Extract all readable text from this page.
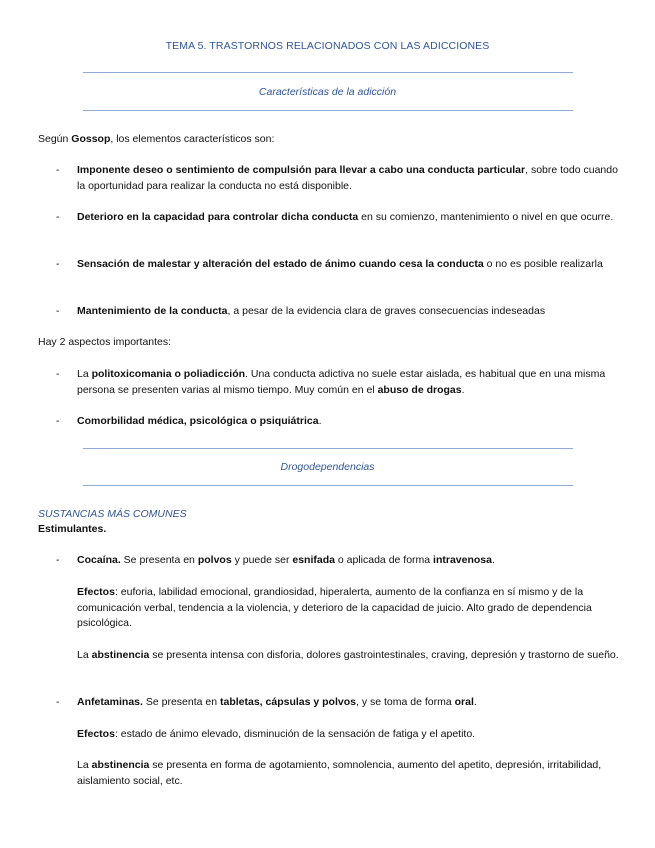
TEMA 5. TRASTORNOS RELACIONADOS CON LAS ADICCIONES
Características de la adicción
Según Gossop, los elementos característicos son:
-	Imponente deseo o sentimiento de compulsión para llevar a cabo una conducta particular, sobre todo cuando la oportunidad para realizar la conducta no está disponible.
-	Deterioro en la capacidad para controlar dicha conducta en su comienzo, mantenimiento o nivel en que ocurre.
-	Sensación de malestar y alteración del estado de ánimo cuando cesa la conducta o no es posible realizarla
-	Mantenimiento de la conducta, a pesar de la evidencia clara de graves consecuencias indeseadas
Hay 2 aspectos importantes:
-	La politoxicomania o poliadicción. Una conducta adictiva no suele estar aislada, es habitual que en una misma persona se presenten varias al mismo tiempo. Muy común en el abuso de drogas.
-	Comorbilidad médica, psicológica o psiquiátrica.
Drogodependencias
SUSTANCIAS MÁS COMUNES
Estimulantes.
-	Cocaína. Se presenta en polvos y puede ser esnifada o aplicada de forma intravenosa.
Efectos: euforia, labilidad emocional, grandiosidad, hiperalerta, aumento de la confianza en sí mismo y de la comunicación verbal, tendencia a la violencia, y deterioro de la capacidad de juicio. Alto grado de dependencia psicológica.
La abstinencia se presenta intensa con disforia, dolores gastrointestinales, craving, depresión y trastorno de sueño.
-	Anfetaminas. Se presenta en tabletas, cápsulas y polvos, y se toma de forma oral.
Efectos: estado de ánimo elevado, disminución de la sensación de fatiga y el apetito.
La abstinencia se presenta en forma de agotamiento, somnolencia, aumento del apetito, depresión, irritabilidad, aislamiento social, etc.
